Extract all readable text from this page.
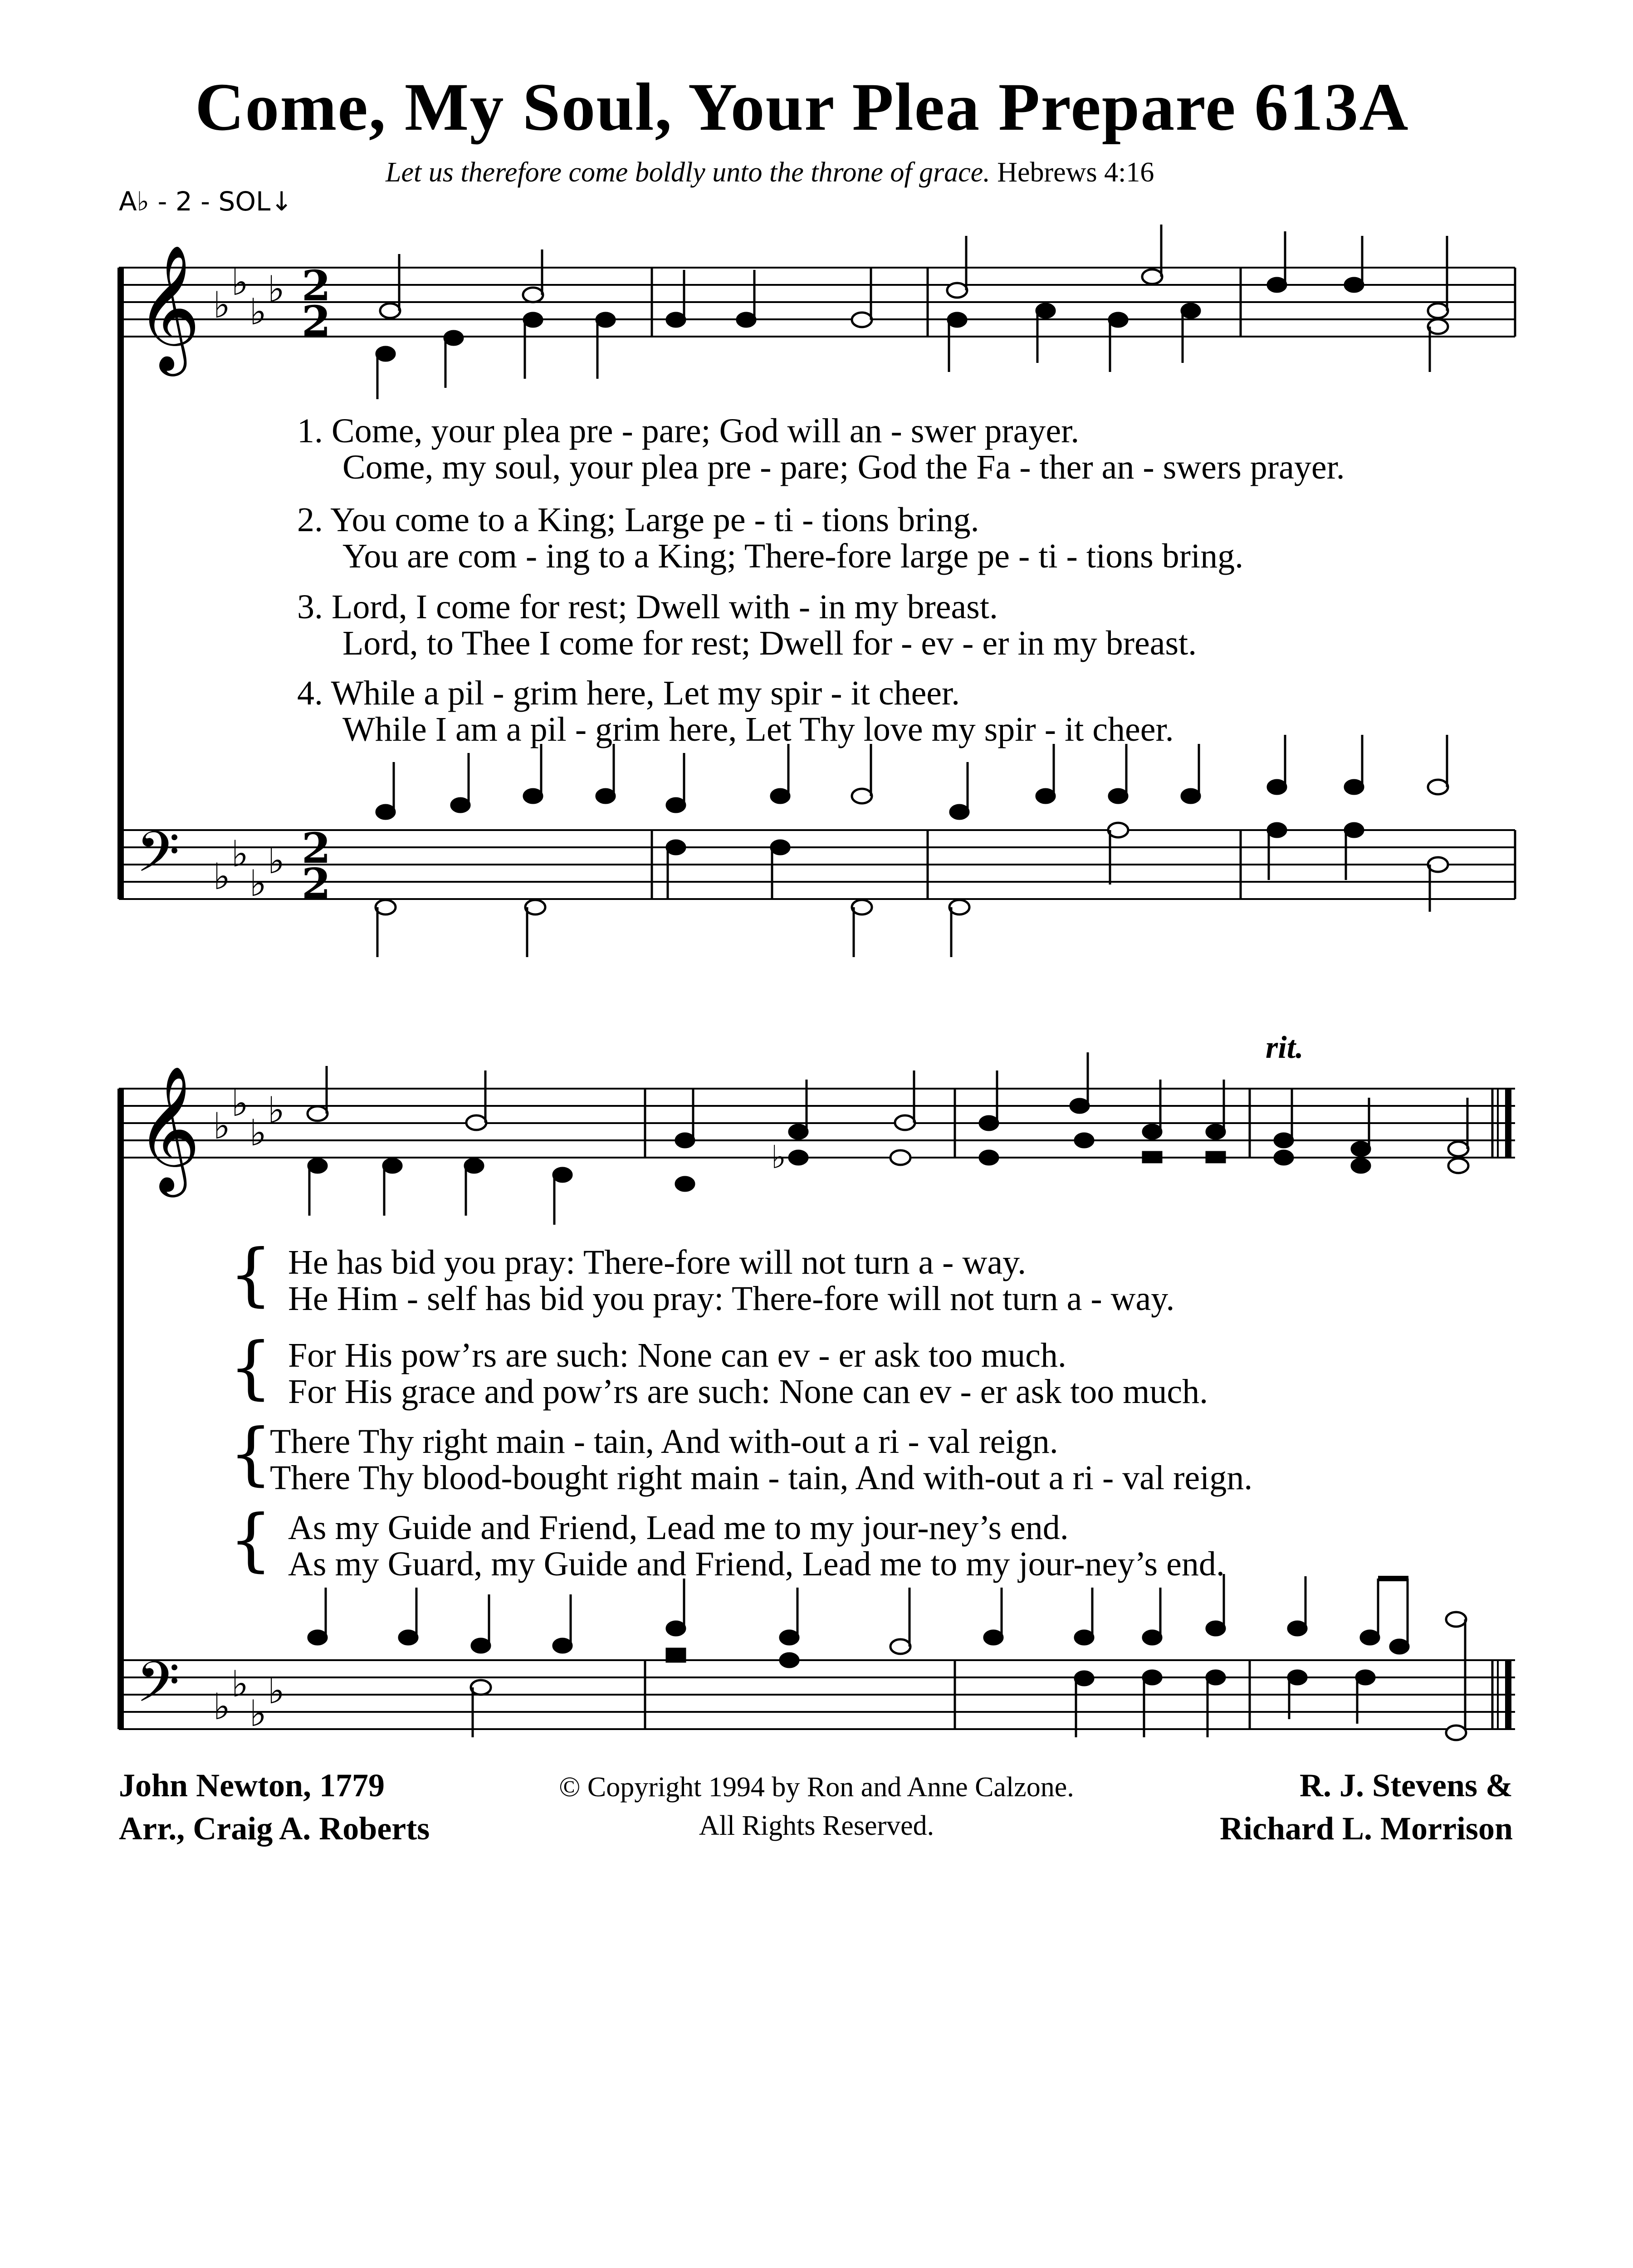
Come, My Soul, Your Plea Prepare 613A
Let us therefore come boldly unto the throne of grace. Hebrews 4:16
A♭ - 2 - SOL↓
𝄞
𝄢
𝄞
𝄢
♭
♭
♭
♭
♭
♭
♭
♭
♭
♭
♭
♭
♭
♭
♭
♭
2
2
2
2
♭
1. Come, your plea pre - pare; God will an - swer prayer.
Come, my soul, your plea pre - pare; God the Fa - ther an - swers prayer.
2. You come to a King; Large pe - ti - tions bring.
You are com - ing to a King; There-fore large pe - ti - tions bring.
3. Lord, I come for rest; Dwell with - in my breast.
Lord, to Thee I come for rest; Dwell for - ev - er in my breast.
4. While a pil - grim here, Let my spir - it cheer.
While I am a pil - grim here, Let Thy love my spir - it cheer.
rit.
{ He has bid you pray: There-fore will not turn a - way.
He Him - self has bid you pray: There-fore will not turn a - way.
{ For His pow’rs are such: None can ev - er ask too much.
For His grace and pow’rs are such: None can ev - er ask too much.
{
There Thy right main - tain, And with-out a ri - val reign.
There Thy blood-bought right main - tain, And with-out a ri - val reign.
{ As my Guide and Friend, Lead me to my jour-ney’s end.
As my Guard, my Guide and Friend, Lead me to my jour-ney’s end.
John Newton, 1779
Arr., Craig A. Roberts
© Copyright 1994 by Ron and Anne Calzone.
All Rights Reserved.
R. J. Stevens &
Richard L. Morrison
